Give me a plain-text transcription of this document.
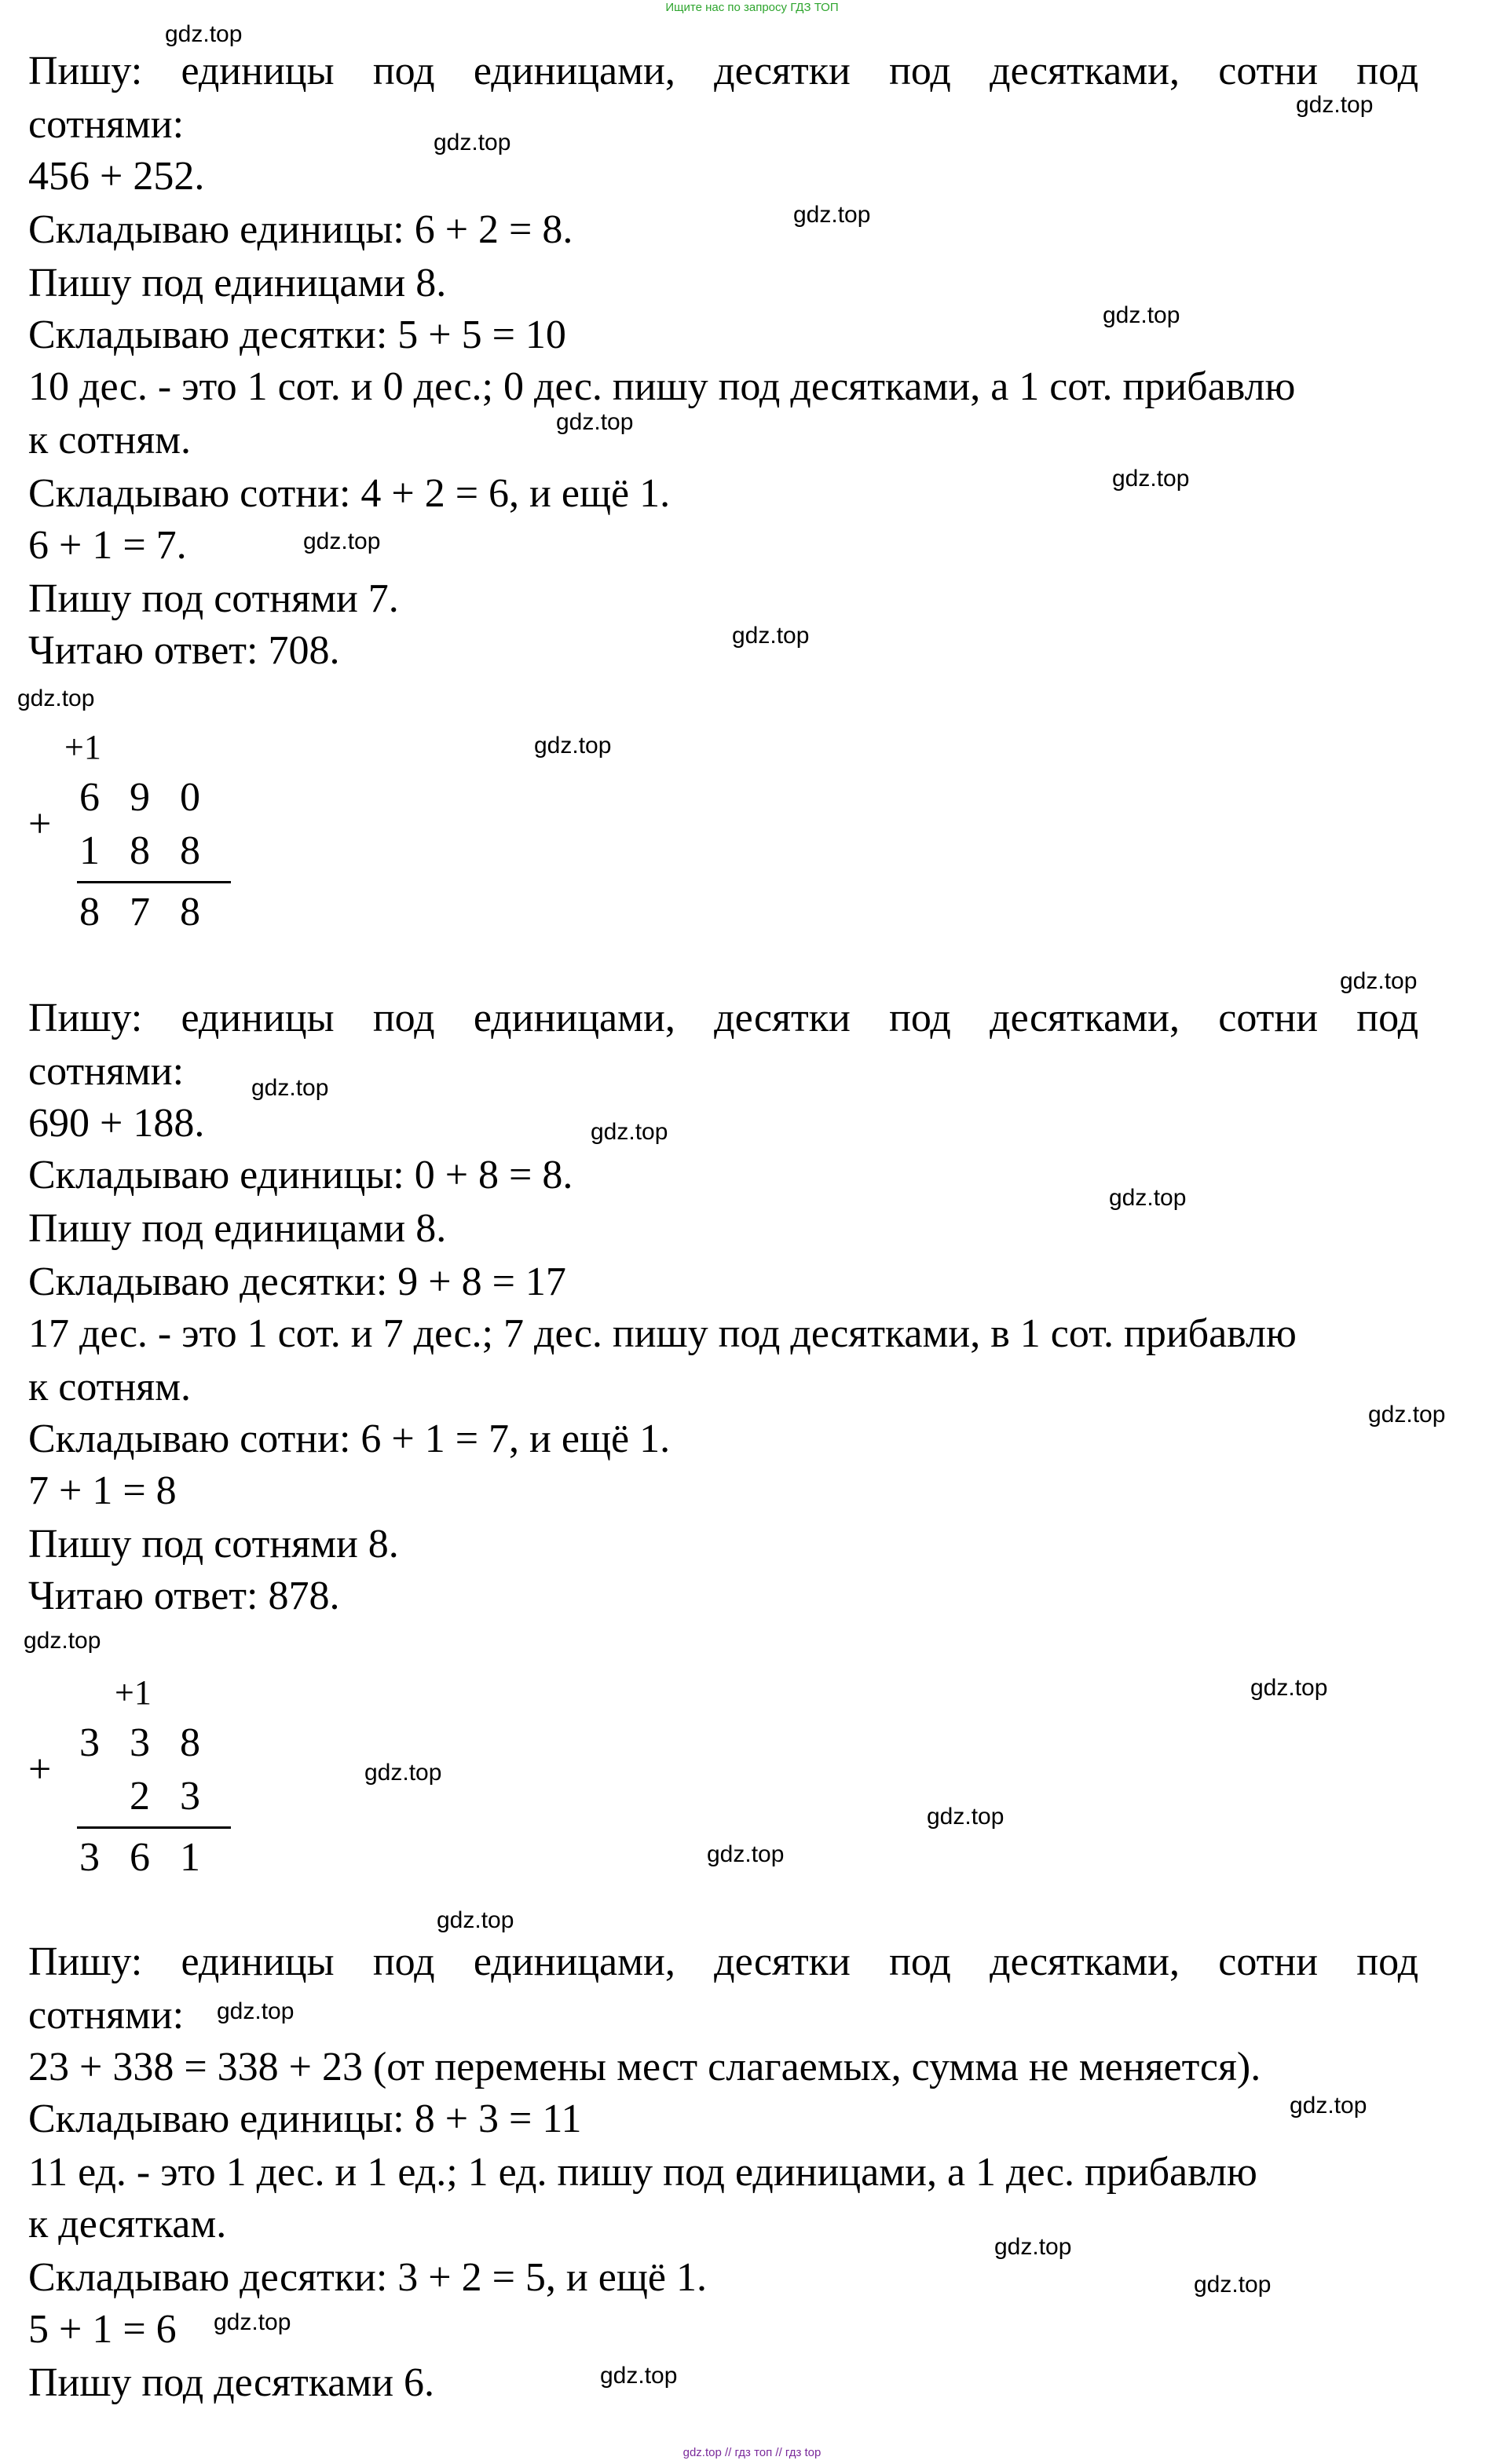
Ищите нас по запросу ГДЗ ТОП
Пишу: единицы под единицами, десятки под десятками, сотни под
сотнями:
456 + 252.
Складываю единицы: 6 + 2 = 8.
Пишу под единицами 8.
Складываю десятки: 5 + 5 = 10
10 дес. - это 1 сот. и 0 дес.; 0 дес. пишу под десятками, а 1 сот. прибавлю
к сотням.
Складываю сотни: 4 + 2 = 6, и ещё 1.
6 + 1 = 7.
Пишу под сотнями 7.
Читаю ответ: 708.
+1
+
6 9 0
1 8 8
8 7 8
Пишу: единицы под единицами, десятки под десятками, сотни под
сотнями:
690 + 188.
Складываю единицы: 0 + 8 = 8.
Пишу под единицами 8.
Складываю десятки: 9 + 8 = 17
17 дес. - это 1 сот. и 7 дес.; 7 дес. пишу под десятками, в 1 сот. прибавлю
к сотням.
Складываю сотни: 6 + 1 = 7, и ещё 1.
7 + 1 = 8
Пишу под сотнями 8.
Читаю ответ: 878.
+1
+
3 3 8
2 3
3 6 1
Пишу: единицы под единицами, десятки под десятками, сотни под
сотнями:
23 + 338 = 338 + 23 (от перемены мест слагаемых, сумма не меняется).
Складываю единицы: 8 + 3 = 11
11 ед. - это 1 дес. и 1 ед.; 1 ед. пишу под единицами, а 1 дес. прибавлю
к десяткам.
Складываю десятки: 3 + 2 = 5, и ещё 1.
5 + 1 = 6
Пишу под десятками 6.
gdz.top
gdz.top
gdz.top
gdz.top
gdz.top
gdz.top
gdz.top
gdz.top
gdz.top
gdz.top
gdz.top
gdz.top
gdz.top
gdz.top
gdz.top
gdz.top
gdz.top
gdz.top
gdz.top
gdz.top
gdz.top
gdz.top
gdz.top
gdz.top
gdz.top
gdz.top
gdz.top
gdz.top
gdz.top // гдз топ // гдз top
